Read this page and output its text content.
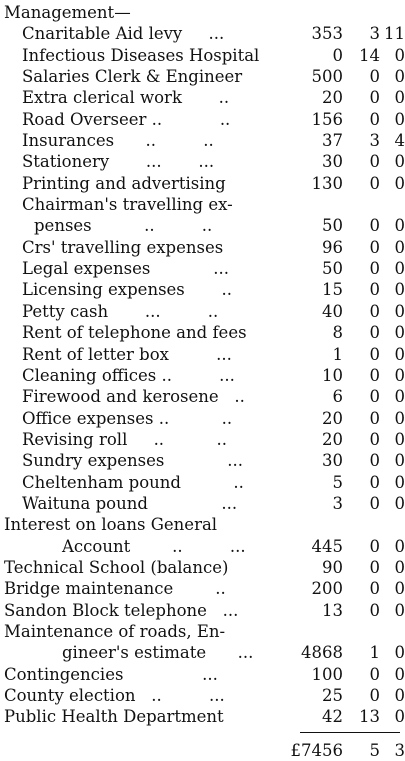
Management—
Cnaritable Aid levy     ...	353	3 11
Infectious Diseases Hospital	0 14 0
Salaries Clerk & Engineer	500	0 0
Extra clerical work       ..	20	0 0
Road Overseer ..           ..	156	0 0
Insurances      ..         ..	37	3 4
Stationery       ...       ...	30	0 0
Printing and advertising	130	0 0
Chairman's travelling ex-
penses          ..         ..	50	0 0
Crs' travelling expenses	96	0 0
Legal expenses            ...	50	0 0
Licensing expenses       ..	15	0 0
Petty cash       ...         ..	40	0 0
Rent of telephone and fees	8	0 0
Rent of letter box         ...	1	0 0
Cleaning offices ..         ...	10	0 0
Firewood and kerosene   ..	6	0 0
Office expenses ..          ..	20	0 0
Revising roll     ..          ..	20	0 0
Sundry expenses            ...	30	0 0
Cheltenham pound          ..	5	0 0
Waituna pound              ...	3	0 0
Interest on loans General
Account        ..         ...	445	0 0
Technical School (balance)	90	0 0
Bridge maintenance        ..	200	0 0
Sandon Block telephone   ...	13	0 0
Maintenance of roads, En-
gineer's estimate      ...	4868	1 0
Contingencies               ...	100	0 0
County election   ..         ...	25	0 0
Public Health Department	42 13 0
£7456	5 3
